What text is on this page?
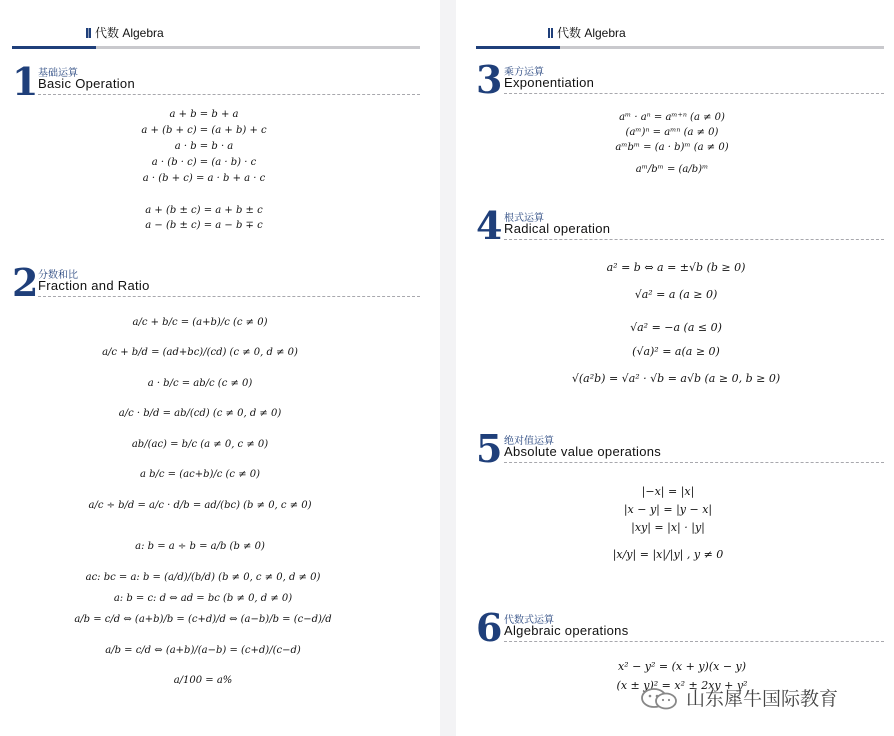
代数 Algebra
1 基础运算
Basic Operation
a + b = b + a
a + (b + c) = (a + b) + c
a · b = b · a
a · (b · c) = (a · b) · c
a · (b + c) = a · b + a · c
a + (b ± c) = a + b ± c
a − (b ± c) = a − b ∓ c
2 分数和比
Fraction and Ratio
a/c + b/c = (a+b)/c (c ≠ 0)
a/c + b/d = (ad+bc)/(cd) (c ≠ 0, d ≠ 0)
a · b/c = ab/c (c ≠ 0)
a/c · b/d = ab/(cd) (c ≠ 0, d ≠ 0)
ab/(ac) = b/c (a ≠ 0, c ≠ 0)
a b/c = (ac+b)/c (c ≠ 0)
a/c ÷ b/d = a/c · d/b = ad/(bc) (b ≠ 0, c ≠ 0)
a: b = a ÷ b = a/b (b ≠ 0)
ac: bc = a: b = (a/d)/(b/d) (b ≠ 0, c ≠ 0, d ≠ 0)
a: b = c: d ⇔ ad = bc (b ≠ 0, d ≠ 0)
a/b = c/d ⇔ (a+b)/b = (c+d)/d ⇔ (a−b)/b = (c−d)/d
a/b = c/d ⇔ (a+b)/(a−b) = (c+d)/(c−d)
a/100 = a%
代数 Algebra
3 乘方运算
Exponentiation
aᵐ · aⁿ = aᵐ⁺ⁿ (a ≠ 0)
(aᵐ)ⁿ = aᵐⁿ (a ≠ 0)
aᵐbᵐ = (a · b)ᵐ (a ≠ 0)
aᵐ/bᵐ = (a/b)ᵐ
4 根式运算
Radical operation
a² = b ⇔ a = ±√b (b ≥ 0)
√a² = a (a ≥ 0)
√a² = −a (a ≤ 0)
(√a)² = a(a ≥ 0)
√(a²b) = √a² · √b = a√b (a ≥ 0, b ≥ 0)
5 绝对值运算
Absolute value operations
|−x| = |x|
|x − y| = |y − x|
|xy| = |x| · |y|
|x/y| = |x|/|y| , y ≠ 0
6 代数式运算
Algebraic operations
x² − y² = (x + y)(x − y)
(x ± y)² = x² ± 2xy + y²
山东犀牛国际教育
